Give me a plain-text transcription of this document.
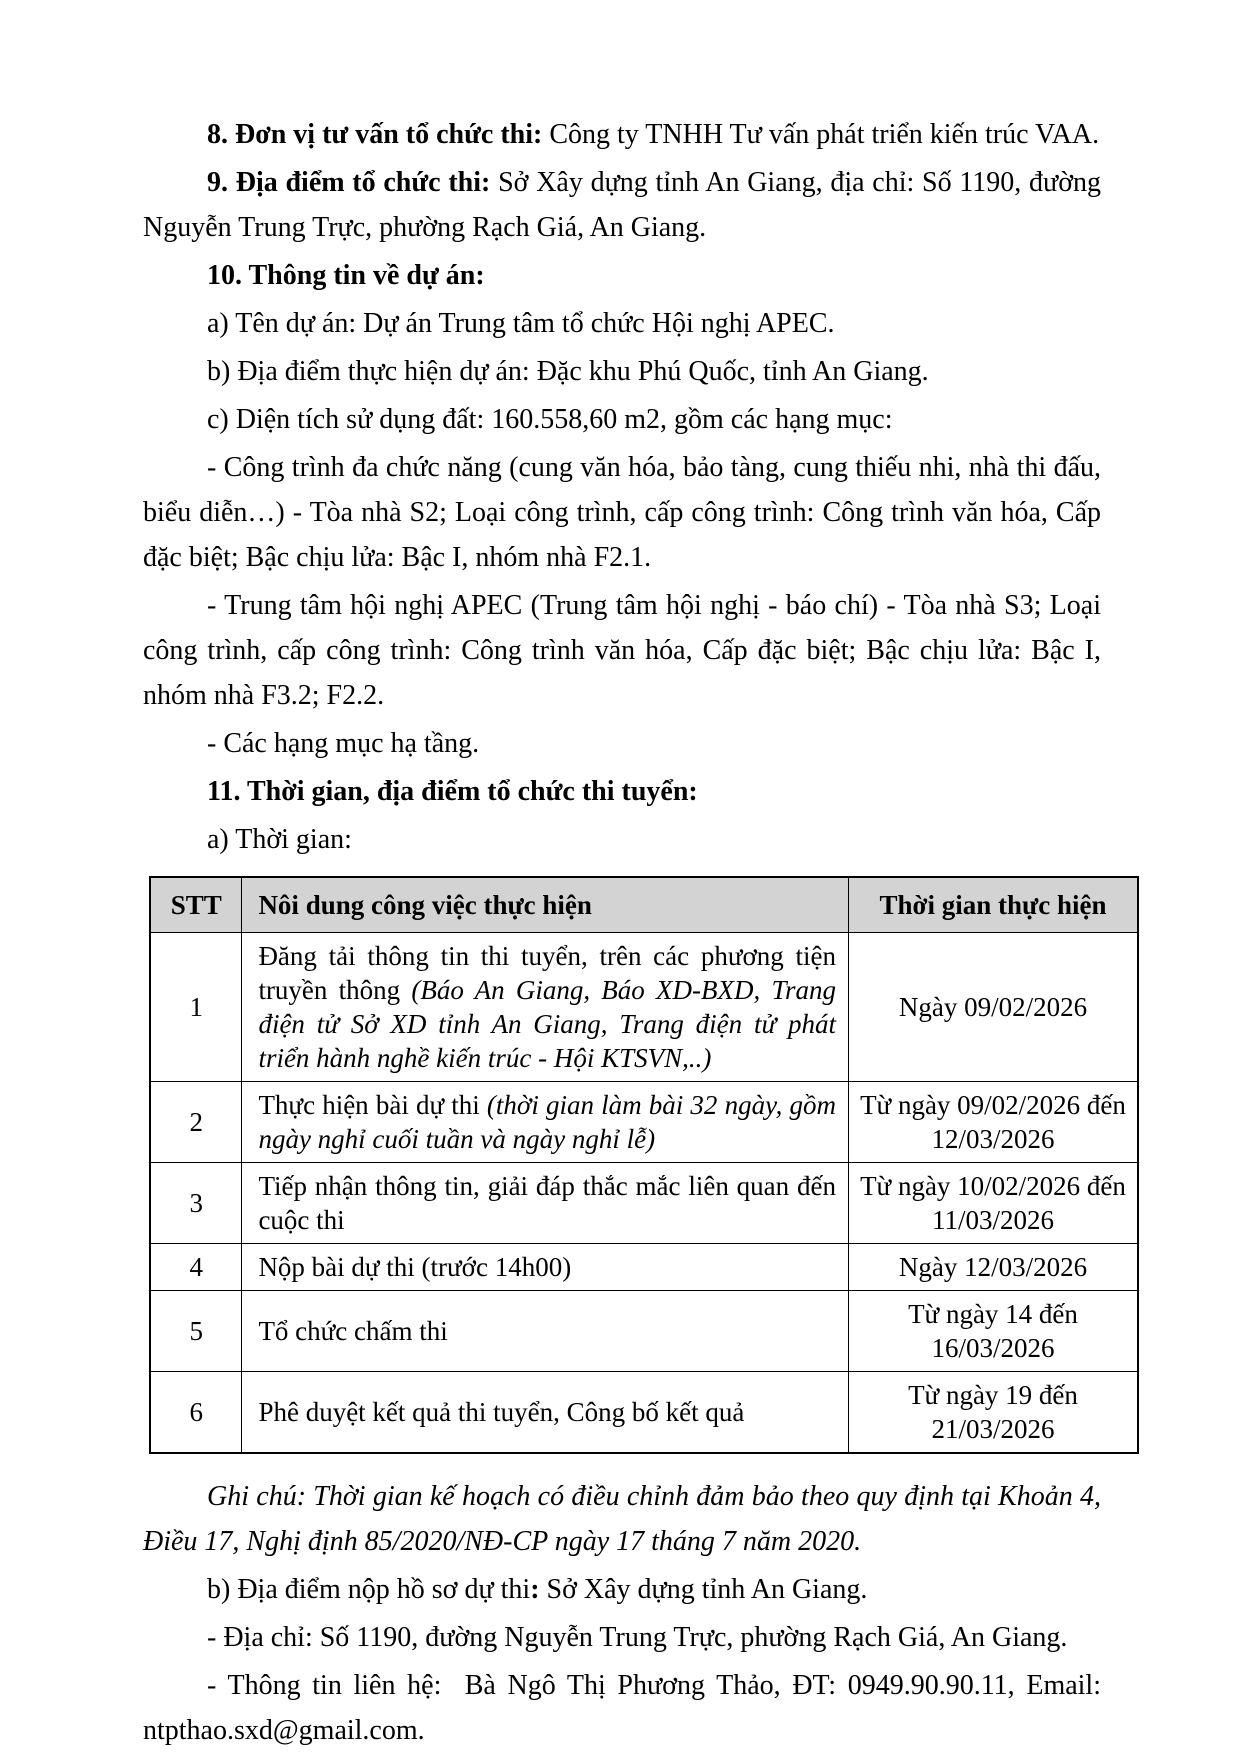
8. Đơn vị tư vấn tổ chức thi: Công ty TNHH Tư vấn phát triển kiến trúc VAA.

9. Địa điểm tổ chức thi: Sở Xây dựng tỉnh An Giang, địa chỉ: Số 1190, đường Nguyễn Trung Trực, phường Rạch Giá, An Giang.

10. Thông tin về dự án:

a) Tên dự án: Dự án Trung tâm tổ chức Hội nghị APEC.

b) Địa điểm thực hiện dự án: Đặc khu Phú Quốc, tỉnh An Giang.

c) Diện tích sử dụng đất: 160.558,60 m2, gồm các hạng mục:

- Công trình đa chức năng (cung văn hóa, bảo tàng, cung thiếu nhi, nhà thi đấu, biểu diễn…) - Tòa nhà S2; Loại công trình, cấp công trình: Công trình văn hóa, Cấp đặc biệt; Bậc chịu lửa: Bậc I, nhóm nhà F2.1.

- Trung tâm hội nghị APEC (Trung tâm hội nghị - báo chí) - Tòa nhà S3; Loại công trình, cấp công trình: Công trình văn hóa, Cấp đặc biệt; Bậc chịu lửa: Bậc I, nhóm nhà F3.2; F2.2.

- Các hạng mục hạ tầng.

11. Thời gian, địa điểm tổ chức thi tuyển:

a) Thời gian:

STT	Nôi dung công việc thực hiện	Thời gian thực hiện
1	Đăng tải thông tin thi tuyển, trên các phương tiện truyền thông (Báo An Giang, Báo XD-BXD, Trang điện tử Sở XD tỉnh An Giang, Trang điện tử phát triển hành nghề kiến trúc - Hội KTSVN,..)	Ngày 09/02/2026
2	Thực hiện bài dự thi (thời gian làm bài 32 ngày, gồm ngày nghỉ cuối tuần và ngày nghỉ lễ)	Từ ngày 09/02/2026 đến 12/03/2026
3	Tiếp nhận thông tin, giải đáp thắc mắc liên quan đến cuộc thi	Từ ngày 10/02/2026 đến 11/03/2026
4	Nộp bài dự thi (trước 14h00)	Ngày 12/03/2026
5	Tổ chức chấm thi	Từ ngày 14 đến 16/03/2026
6	Phê duyệt kết quả thi tuyển, Công bố kết quả	Từ ngày 19 đến 21/03/2026

Ghi chú: Thời gian kế hoạch có điều chỉnh đảm bảo theo quy định tại Khoản 4, Điều 17, Nghị định 85/2020/NĐ-CP ngày 17 tháng 7 năm 2020.

b) Địa điểm nộp hồ sơ dự thi: Sở Xây dựng tỉnh An Giang.

- Địa chỉ: Số 1190, đường Nguyễn Trung Trực, phường Rạch Giá, An Giang.

- Thông tin liên hệ:  Bà Ngô Thị Phương Thảo, ĐT: 0949.90.90.11, Email: ntpthao.sxd@gmail.com.
